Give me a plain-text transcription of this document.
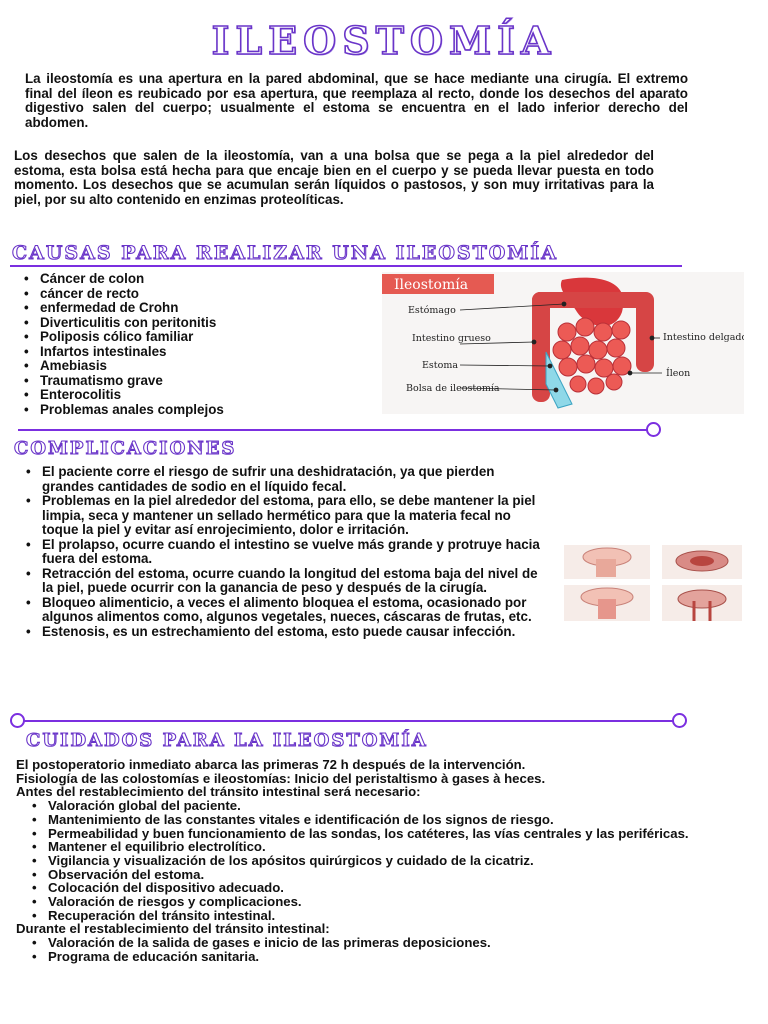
ILEOSTOMÍA

La ileostomía es una apertura en la pared abdominal, que se hace mediante una cirugía. El extremo final del íleon es reubicado por esa apertura, que reemplaza al recto, donde los desechos del aparato digestivo salen del cuerpo; usualmente el estoma se encuentra en el lado inferior derecho del abdomen.

Los desechos que salen de la ileostomía, van a una bolsa que se pega a la piel alrededor del estoma, esta bolsa está hecha para que encaje bien en el cuerpo y se pueda llevar puesta en todo momento. Los desechos que se acumulan serán líquidos o pastosos, y son muy irritativas para la piel, por su alto contenido en enzimas proteolíticas.

CAUSAS PARA REALIZAR UNA ILEOSTOMÍA
• Cáncer de colon
• cáncer de recto
• enfermedad de Crohn
• Diverticulitis con peritonitis
• Poliposis cólico familiar
• Infartos intestinales
• Amebiasis
• Traumatismo grave
• Enterocolitis
• Problemas anales complejos
Ileostomía
Estómago
Intestino grueso
Estoma
Bolsa de ileostomía
Intestino delgado
Íleon
COMPLICACIONES
• El paciente corre el riesgo de sufrir una deshidratación, ya que pierden grandes cantidades de sodio en el líquido fecal.
• Problemas en la piel alrededor del estoma, para ello, se debe mantener la piel limpia, seca y mantener un sellado hermético para que la materia fecal no toque la piel y evitar así enrojecimiento, dolor e irritación.
• El prolapso, ocurre cuando el intestino se vuelve más grande y protruye hacia fuera del estoma.
• Retracción del estoma, ocurre cuando la longitud del estoma baja del nivel de la piel, puede ocurrir con la ganancia de peso y después de la cirugía.
• Bloqueo alimenticio, a veces el alimento bloquea el estoma, ocasionado por algunos alimentos como, algunos vegetales, nueces, cáscaras de frutas, etc.
• Estenosis, es un estrechamiento del estoma, esto puede causar infección.
CUIDADOS PARA LA ILEOSTOMÍA

El postoperatorio inmediato abarca las primeras 72 h después de la intervención.

Fisiología de las colostomías e ileostomías: Inicio del peristaltismo à gases à heces.

Antes del restablecimiento del tránsito intestinal será necesario:

• Valoración global del paciente.
• Mantenimiento de las constantes vitales e identificación de los signos de riesgo.
• Permeabilidad y buen funcionamiento de las sondas, los catéteres, las vías centrales y las periféricas.
• Mantener el equilibrio electrolítico.
• Vigilancia y visualización de los apósitos quirúrgicos y cuidado de la cicatriz.
• Observación del estoma.
• Colocación del dispositivo adecuado.
• Valoración de riesgos y complicaciones.
• Recuperación del tránsito intestinal.

Durante el restablecimiento del tránsito intestinal:

• Valoración de la salida de gases e inicio de las primeras deposiciones.
• Programa de educación sanitaria.
